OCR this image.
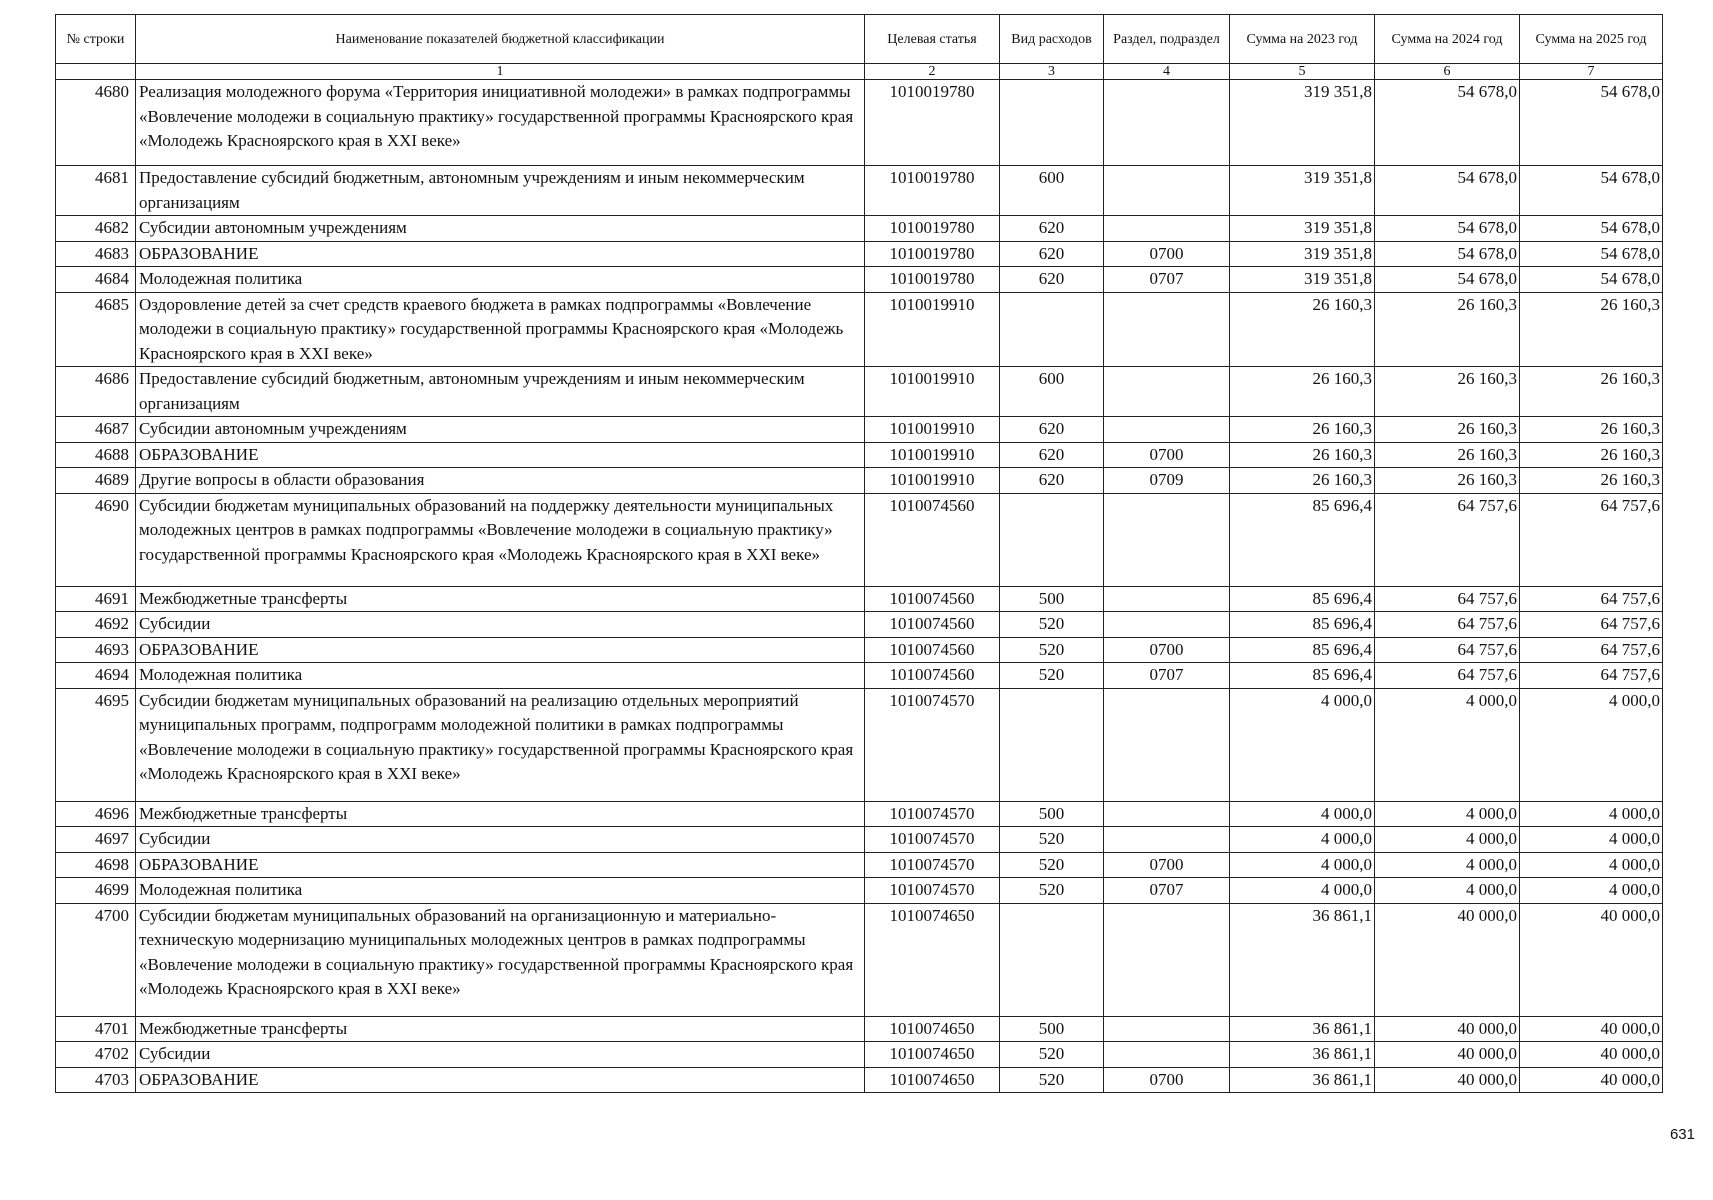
№ строки	Наименование показателей бюджетной классификации	Целевая статья	Вид расходов	Раздел, подраздел	Сумма на 2023 год	Сумма на 2024 год	Сумма на 2025 год
	1	2	3	4	5	6	7
4680	Реализация молодежного форума «Территория инициативной молодежи» в рамках подпрограммы «Вовлечение молодежи в социальную практику» государственной программы Красноярского края «Молодежь Красноярского края в XXI веке»	1010019780			319 351,8	54 678,0	54 678,0
4681	Предоставление субсидий бюджетным, автономным учреждениям и иным некоммерческим организациям	1010019780	600		319 351,8	54 678,0	54 678,0
4682	Субсидии автономным учреждениям	1010019780	620		319 351,8	54 678,0	54 678,0
4683	ОБРАЗОВАНИЕ	1010019780	620	0700	319 351,8	54 678,0	54 678,0
4684	Молодежная политика	1010019780	620	0707	319 351,8	54 678,0	54 678,0
4685	Оздоровление детей за счет средств краевого бюджета в рамках подпрограммы «Вовлечение молодежи в социальную практику» государственной программы Красноярского края «Молодежь Красноярского края в XXI веке»	1010019910			26 160,3	26 160,3	26 160,3
4686	Предоставление субсидий бюджетным, автономным учреждениям и иным некоммерческим организациям	1010019910	600		26 160,3	26 160,3	26 160,3
4687	Субсидии автономным учреждениям	1010019910	620		26 160,3	26 160,3	26 160,3
4688	ОБРАЗОВАНИЕ	1010019910	620	0700	26 160,3	26 160,3	26 160,3
4689	Другие вопросы в области образования	1010019910	620	0709	26 160,3	26 160,3	26 160,3
4690	Субсидии бюджетам муниципальных образований на поддержку деятельности муниципальных молодежных центров в рамках подпрограммы «Вовлечение молодежи в социальную практику» государственной программы Красноярского края «Молодежь Красноярского края в XXI веке»	1010074560			85 696,4	64 757,6	64 757,6
4691	Межбюджетные трансферты	1010074560	500		85 696,4	64 757,6	64 757,6
4692	Субсидии	1010074560	520		85 696,4	64 757,6	64 757,6
4693	ОБРАЗОВАНИЕ	1010074560	520	0700	85 696,4	64 757,6	64 757,6
4694	Молодежная политика	1010074560	520	0707	85 696,4	64 757,6	64 757,6
4695	Субсидии бюджетам муниципальных образований на реализацию отдельных мероприятий муниципальных программ, подпрограмм молодежной политики в рамках подпрограммы «Вовлечение молодежи в социальную практику» государственной программы Красноярского края «Молодежь Красноярского края в XXI веке»	1010074570			4 000,0	4 000,0	4 000,0
4696	Межбюджетные трансферты	1010074570	500		4 000,0	4 000,0	4 000,0
4697	Субсидии	1010074570	520		4 000,0	4 000,0	4 000,0
4698	ОБРАЗОВАНИЕ	1010074570	520	0700	4 000,0	4 000,0	4 000,0
4699	Молодежная политика	1010074570	520	0707	4 000,0	4 000,0	4 000,0
4700	Субсидии бюджетам муниципальных образований на организационную и материально-техническую модернизацию муниципальных молодежных центров в рамках подпрограммы «Вовлечение молодежи в социальную практику» государственной программы Красноярского края «Молодежь Красноярского края в XXI веке»	1010074650			36 861,1	40 000,0	40 000,0
4701	Межбюджетные трансферты	1010074650	500		36 861,1	40 000,0	40 000,0
4702	Субсидии	1010074650	520		36 861,1	40 000,0	40 000,0
4703	ОБРАЗОВАНИЕ	1010074650	520	0700	36 861,1	40 000,0	40 000,0
631
